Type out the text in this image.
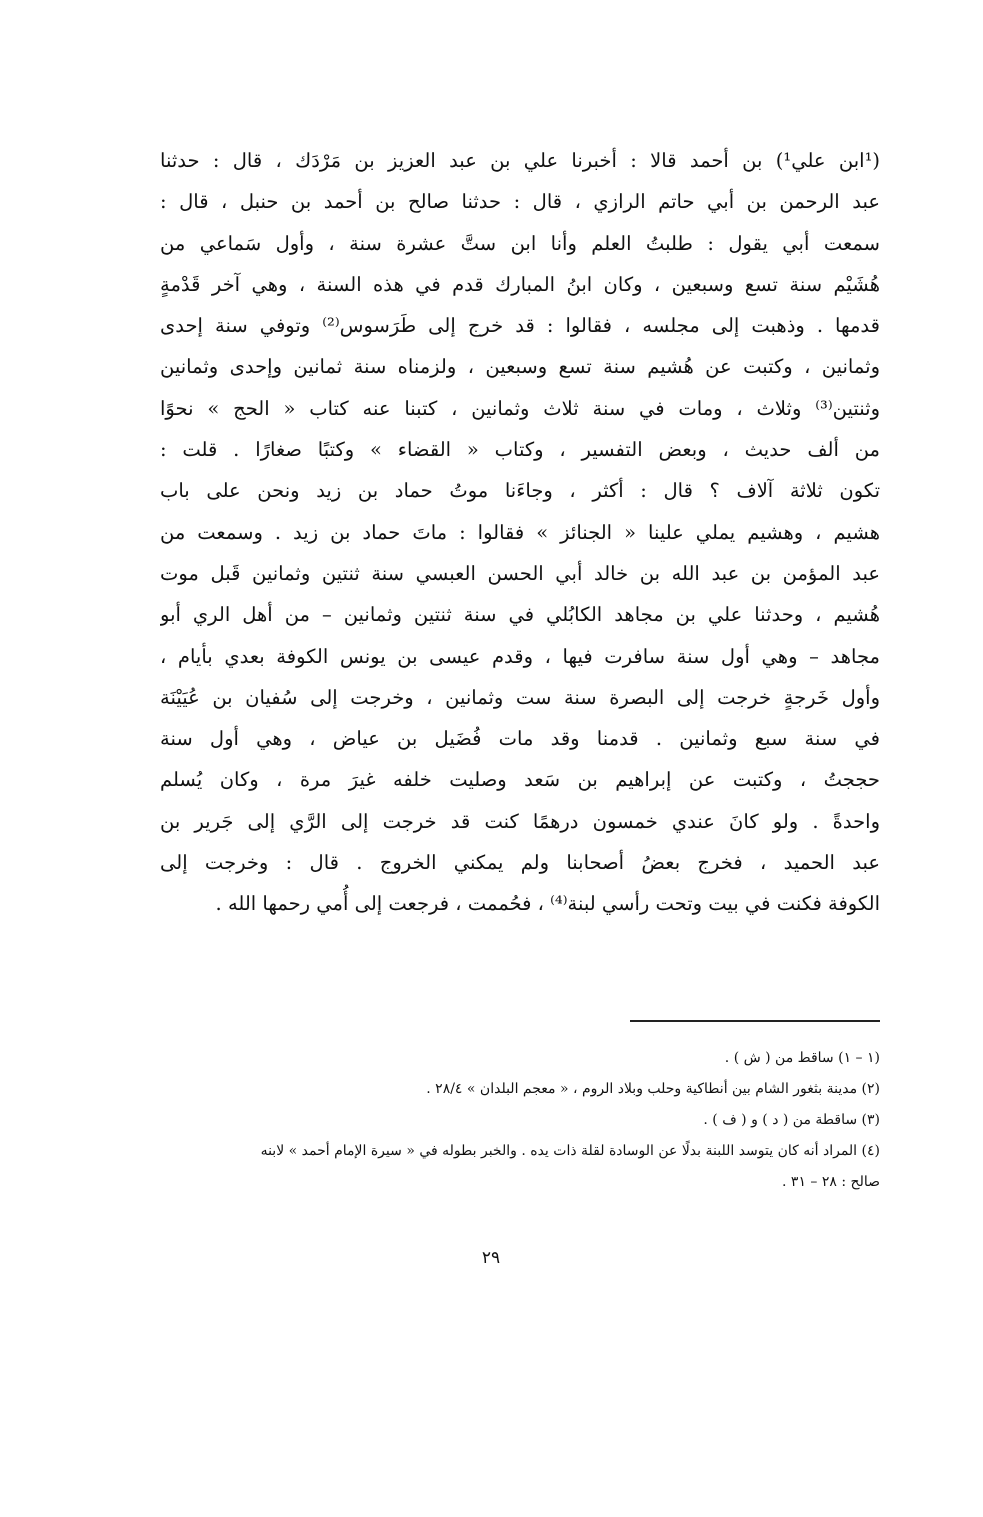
(¹ابن علي¹) بن أحمد قالا : أخبرنا علي بن عبد العزيز بن مَرْدَك ، قال : حدثنا
عبد الرحمن بن أبي حاتم الرازي ، قال : حدثنا صالح بن أحمد بن حنبل ، قال :
سمعت أبي يقول : طلبتُ العلم وأنا ابن ستَّ عشرة سنة ، وأول سَماعي من
هُشَيْم سنة تسع وسبعين ، وكان ابنُ المبارك قدم في هذه السنة ، وهي آخر قَدْمةٍ
قدمها . وذهبت إلى مجلسه ، فقالوا : قد خرج إلى طَرَسوس⁽²⁾ وتوفي سنة إحدى
وثمانين ، وكتبت عن هُشيم سنة تسع وسبعين ، ولزمناه سنة ثمانين وإحدى وثمانين
وثنتين⁽³⁾ وثلاث ، ومات في سنة ثلاث وثمانين ، كتبنا عنه كتاب « الحج » نحوًا
من ألف حديث ، وبعض التفسير ، وكتاب « القضاء » وكتبًا صغارًا . قلت :
تكون ثلاثة آلاف ؟ قال : أكثر ، وجاءَنا موتُ حماد بن زيد ونحن على باب
هشيم ، وهشيم يملي علينا « الجنائز » فقالوا : ماتَ حماد بن زيد . وسمعت من
عبد المؤمن بن عبد الله بن خالد أبي الحسن العبسي سنة ثنتين وثمانين قَبل موت
هُشيم ، وحدثنا علي بن مجاهد الكابُلي في سنة ثنتين وثمانين – من أهل الري أبو
مجاهد – وهي أول سنة سافرت فيها ، وقدم عيسى بن يونس الكوفة بعدي بأيام ،
وأول خَرجةٍ خرجت إلى البصرة سنة ست وثمانين ، وخرجت إلى سُفيان بن عُيَيْنَة
في سنة سبع وثمانين . قدمنا وقد مات فُضَيل بن عياض ، وهي أول سنة
حججتُ ، وكتبت عن إبراهيم بن سَعد وصليت خلفه غيرَ مرة ، وكان يُسلم
واحدةً . ولو كانَ عندي خمسون درهمًا كنت قد خرجت إلى الرَّي إلى جَرير بن
عبد الحميد ، فخرج بعضُ أصحابنا ولم يمكني الخروج . قال : وخرجت إلى
الكوفة فكنت في بيت وتحت رأسي لبنة⁽⁴⁾ ، فحُممت ، فرجعت إلى أُمي رحمها الله .
(١ – ١) ساقط من ( ش ) .
(٢) مدينة بثغور الشام بين أنطاكية وحلب وبلاد الروم ، « معجم البلدان » ٢٨/٤ .
(٣) ساقطة من ( د ) و ( ف ) .
(٤) المراد أنه كان يتوسد اللبنة بدلًا عن الوسادة لقلة ذات يده . والخبر بطوله في « سيرة الإمام أحمد » لابنه
صالح : ٢٨ – ٣١ .
٢٩
